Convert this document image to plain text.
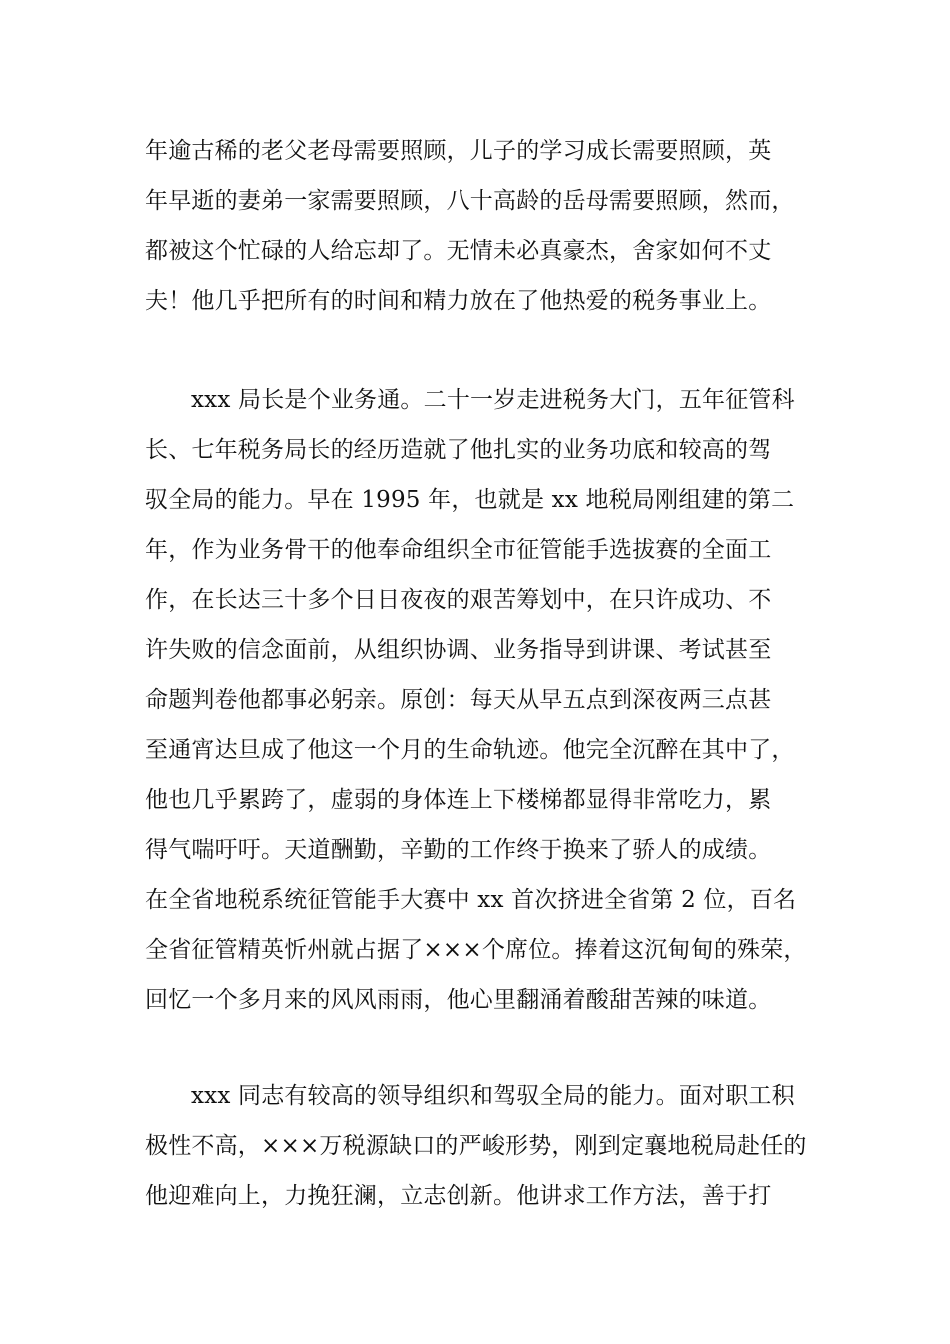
年逾古稀的老父老母需要照顾，儿子的学习成长需要照顾，英
年早逝的妻弟一家需要照顾，八十高龄的岳母需要照顾，然而，
都被这个忙碌的人给忘却了。无情未必真豪杰，舍家如何不丈
夫！他几乎把所有的时间和精力放在了他热爱的税务事业上。
xxx 局长是个业务通。二十一岁走进税务大门，五年征管科
长、七年税务局长的经历造就了他扎实的业务功底和较高的驾
驭全局的能力。早在 1995 年，也就是 xx 地税局刚组建的第二
年，作为业务骨干的他奉命组织全市征管能手选拔赛的全面工
作，在长达三十多个日日夜夜的艰苦筹划中，在只许成功、不
许失败的信念面前，从组织协调、业务指导到讲课、考试甚至
命题判卷他都事必躬亲。原创：每天从早五点到深夜两三点甚
至通宵达旦成了他这一个月的生命轨迹。他完全沉醉在其中了，
他也几乎累跨了，虚弱的身体连上下楼梯都显得非常吃力，累
得气喘吁吁。天道酬勤，辛勤的工作终于换来了骄人的成绩。
在全省地税系统征管能手大赛中 xx 首次挤进全省第 2 位，百名
全省征管精英忻州就占据了×××个席位。捧着这沉甸甸的殊荣，
回忆一个多月来的风风雨雨，他心里翻涌着酸甜苦辣的味道。
xxx 同志有较高的领导组织和驾驭全局的能力。面对职工积
极性不高，×××万税源缺口的严峻形势，刚到定襄地税局赴任的
他迎难向上，力挽狂澜，立志创新。他讲求工作方法，善于打
